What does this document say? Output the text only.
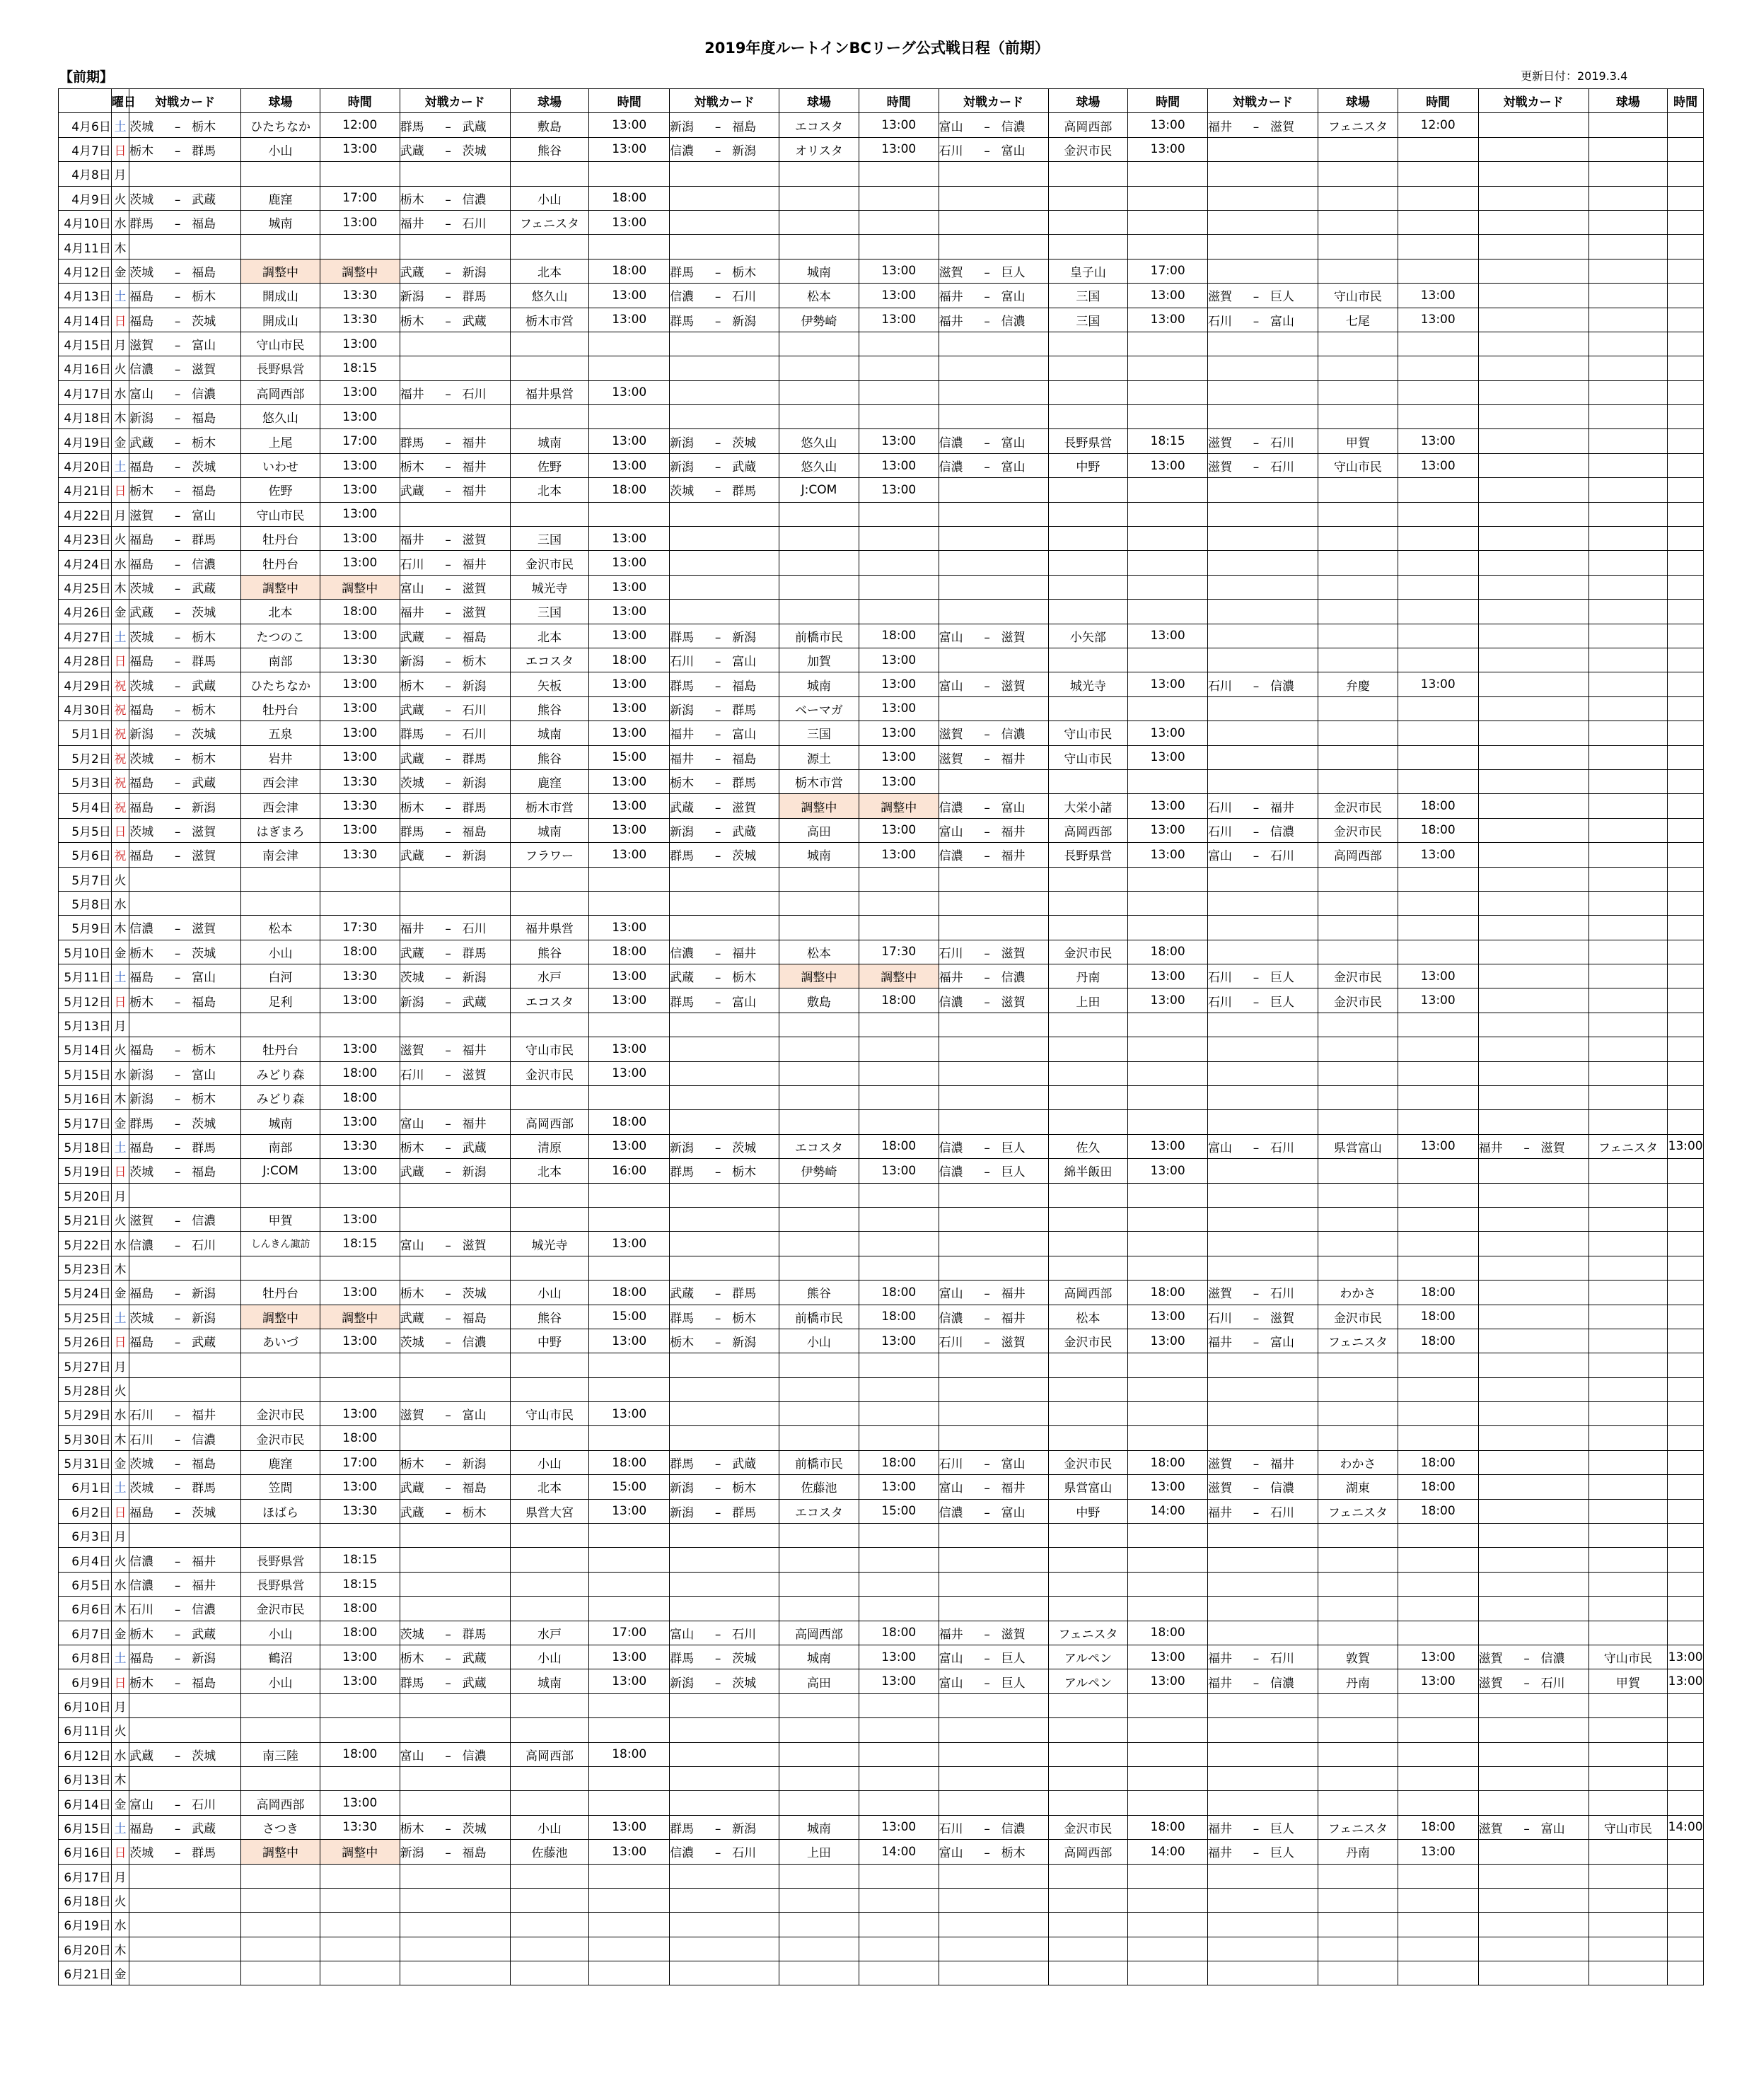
2019年度ルートインBCリーグ公式戦日程（前期）
【前期】	更新日付：2019.3.4
	曜日	対戦カード	球場	時間	対戦カード	球場	時間	対戦カード	球場	時間	対戦カード	球場	時間	対戦カード	球場	時間	対戦カード	球場	時間
4月6日	土	茨城 – 栃木	ひたちなか	12:00	群馬 – 武蔵	敷島	13:00	新潟 – 福島	エコスタ	13:00	富山 – 信濃	高岡西部	13:00	福井 – 滋賀	フェニスタ	12:00			
4月7日	日	栃木 – 群馬	小山	13:00	武蔵 – 茨城	熊谷	13:00	信濃 – 新潟	オリスタ	13:00	石川 – 富山	金沢市民	13:00						
4月8日	月																		
4月9日	火	茨城 – 武蔵	鹿窪	17:00	栃木 – 信濃	小山	18:00												
4月10日	水	群馬 – 福島	城南	13:00	福井 – 石川	フェニスタ	13:00												
4月11日	木																		
4月12日	金	茨城 – 福島	調整中	調整中	武蔵 – 新潟	北本	18:00	群馬 – 栃木	城南	13:00	滋賀 – 巨人	皇子山	17:00						
4月13日	土	福島 – 栃木	開成山	13:30	新潟 – 群馬	悠久山	13:00	信濃 – 石川	松本	13:00	福井 – 富山	三国	13:00	滋賀 – 巨人	守山市民	13:00			
4月14日	日	福島 – 茨城	開成山	13:30	栃木 – 武蔵	栃木市営	13:00	群馬 – 新潟	伊勢崎	13:00	福井 – 信濃	三国	13:00	石川 – 富山	七尾	13:00			
4月15日	月	滋賀 – 富山	守山市民	13:00															
4月16日	火	信濃 – 滋賀	長野県営	18:15															
4月17日	水	富山 – 信濃	高岡西部	13:00	福井 – 石川	福井県営	13:00												
4月18日	木	新潟 – 福島	悠久山	13:00															
4月19日	金	武蔵 – 栃木	上尾	17:00	群馬 – 福井	城南	13:00	新潟 – 茨城	悠久山	13:00	信濃 – 富山	長野県営	18:15	滋賀 – 石川	甲賀	13:00			
4月20日	土	福島 – 茨城	いわせ	13:00	栃木 – 福井	佐野	13:00	新潟 – 武蔵	悠久山	13:00	信濃 – 富山	中野	13:00	滋賀 – 石川	守山市民	13:00			
4月21日	日	栃木 – 福島	佐野	13:00	武蔵 – 福井	北本	18:00	茨城 – 群馬	J:COM	13:00									
4月22日	月	滋賀 – 富山	守山市民	13:00															
4月23日	火	福島 – 群馬	牡丹台	13:00	福井 – 滋賀	三国	13:00												
4月24日	水	福島 – 信濃	牡丹台	13:00	石川 – 福井	金沢市民	13:00												
4月25日	木	茨城 – 武蔵	調整中	調整中	富山 – 滋賀	城光寺	13:00												
4月26日	金	武蔵 – 茨城	北本	18:00	福井 – 滋賀	三国	13:00												
4月27日	土	茨城 – 栃木	たつのこ	13:00	武蔵 – 福島	北本	13:00	群馬 – 新潟	前橋市民	18:00	富山 – 滋賀	小矢部	13:00						
4月28日	日	福島 – 群馬	南部	13:30	新潟 – 栃木	エコスタ	18:00	石川 – 富山	加賀	13:00									
4月29日	祝	茨城 – 武蔵	ひたちなか	13:00	栃木 – 新潟	矢板	13:00	群馬 – 福島	城南	13:00	富山 – 滋賀	城光寺	13:00	石川 – 信濃	弁慶	13:00			
4月30日	祝	福島 – 栃木	牡丹台	13:00	武蔵 – 石川	熊谷	13:00	新潟 – 群馬	ベーマガ	13:00									
5月1日	祝	新潟 – 茨城	五泉	13:00	群馬 – 石川	城南	13:00	福井 – 富山	三国	13:00	滋賀 – 信濃	守山市民	13:00						
5月2日	祝	茨城 – 栃木	岩井	13:00	武蔵 – 群馬	熊谷	15:00	福井 – 福島	源土	13:00	滋賀 – 福井	守山市民	13:00						
5月3日	祝	福島 – 武蔵	西会津	13:30	茨城 – 新潟	鹿窪	13:00	栃木 – 群馬	栃木市営	13:00									
5月4日	祝	福島 – 新潟	西会津	13:30	栃木 – 群馬	栃木市営	13:00	武蔵 – 滋賀	調整中	調整中	信濃 – 富山	大栄小諸	13:00	石川 – 福井	金沢市民	18:00			
5月5日	日	茨城 – 滋賀	はぎまろ	13:00	群馬 – 福島	城南	13:00	新潟 – 武蔵	高田	13:00	富山 – 福井	高岡西部	13:00	石川 – 信濃	金沢市民	18:00			
5月6日	祝	福島 – 滋賀	南会津	13:30	武蔵 – 新潟	フラワー	13:00	群馬 – 茨城	城南	13:00	信濃 – 福井	長野県営	13:00	富山 – 石川	高岡西部	13:00			
5月7日	火																		
5月8日	水																		
5月9日	木	信濃 – 滋賀	松本	17:30	福井 – 石川	福井県営	13:00												
5月10日	金	栃木 – 茨城	小山	18:00	武蔵 – 群馬	熊谷	18:00	信濃 – 福井	松本	17:30	石川 – 滋賀	金沢市民	18:00						
5月11日	土	福島 – 富山	白河	13:30	茨城 – 新潟	水戸	13:00	武蔵 – 栃木	調整中	調整中	福井 – 信濃	丹南	13:00	石川 – 巨人	金沢市民	13:00			
5月12日	日	栃木 – 福島	足利	13:00	新潟 – 武蔵	エコスタ	13:00	群馬 – 富山	敷島	18:00	信濃 – 滋賀	上田	13:00	石川 – 巨人	金沢市民	13:00			
5月13日	月																		
5月14日	火	福島 – 栃木	牡丹台	13:00	滋賀 – 福井	守山市民	13:00												
5月15日	水	新潟 – 富山	みどり森	18:00	石川 – 滋賀	金沢市民	13:00												
5月16日	木	新潟 – 栃木	みどり森	18:00															
5月17日	金	群馬 – 茨城	城南	13:00	富山 – 福井	高岡西部	18:00												
5月18日	土	福島 – 群馬	南部	13:30	栃木 – 武蔵	清原	13:00	新潟 – 茨城	エコスタ	18:00	信濃 – 巨人	佐久	13:00	富山 – 石川	県営富山	13:00	福井 – 滋賀	フェニスタ	13:00
5月19日	日	茨城 – 福島	J:COM	13:00	武蔵 – 新潟	北本	16:00	群馬 – 栃木	伊勢崎	13:00	信濃 – 巨人	綿半飯田	13:00						
5月20日	月																		
5月21日	火	滋賀 – 信濃	甲賀	13:00															
5月22日	水	信濃 – 石川	しんきん諏訪	18:15	富山 – 滋賀	城光寺	13:00												
5月23日	木																		
5月24日	金	福島 – 新潟	牡丹台	13:00	栃木 – 茨城	小山	18:00	武蔵 – 群馬	熊谷	18:00	富山 – 福井	高岡西部	18:00	滋賀 – 石川	わかさ	18:00			
5月25日	土	茨城 – 新潟	調整中	調整中	武蔵 – 福島	熊谷	15:00	群馬 – 栃木	前橋市民	18:00	信濃 – 福井	松本	13:00	石川 – 滋賀	金沢市民	18:00			
5月26日	日	福島 – 武蔵	あいづ	13:00	茨城 – 信濃	中野	13:00	栃木 – 新潟	小山	13:00	石川 – 滋賀	金沢市民	13:00	福井 – 富山	フェニスタ	18:00			
5月27日	月																		
5月28日	火																		
5月29日	水	石川 – 福井	金沢市民	13:00	滋賀 – 富山	守山市民	13:00												
5月30日	木	石川 – 信濃	金沢市民	18:00															
5月31日	金	茨城 – 福島	鹿窪	17:00	栃木 – 新潟	小山	18:00	群馬 – 武蔵	前橋市民	18:00	石川 – 富山	金沢市民	18:00	滋賀 – 福井	わかさ	18:00			
6月1日	土	茨城 – 群馬	笠間	13:00	武蔵 – 福島	北本	15:00	新潟 – 栃木	佐藤池	13:00	富山 – 福井	県営富山	13:00	滋賀 – 信濃	湖東	18:00			
6月2日	日	福島 – 茨城	ほばら	13:30	武蔵 – 栃木	県営大宮	13:00	新潟 – 群馬	エコスタ	15:00	信濃 – 富山	中野	14:00	福井 – 石川	フェニスタ	18:00			
6月3日	月																		
6月4日	火	信濃 – 福井	長野県営	18:15															
6月5日	水	信濃 – 福井	長野県営	18:15															
6月6日	木	石川 – 信濃	金沢市民	18:00															
6月7日	金	栃木 – 武蔵	小山	18:00	茨城 – 群馬	水戸	17:00	富山 – 石川	高岡西部	18:00	福井 – 滋賀	フェニスタ	18:00						
6月8日	土	福島 – 新潟	鶴沼	13:00	栃木 – 武蔵	小山	13:00	群馬 – 茨城	城南	13:00	富山 – 巨人	アルペン	13:00	福井 – 石川	敦賀	13:00	滋賀 – 信濃	守山市民	13:00
6月9日	日	栃木 – 福島	小山	13:00	群馬 – 武蔵	城南	13:00	新潟 – 茨城	高田	13:00	富山 – 巨人	アルペン	13:00	福井 – 信濃	丹南	13:00	滋賀 – 石川	甲賀	13:00
6月10日	月																		
6月11日	火																		
6月12日	水	武蔵 – 茨城	南三陸	18:00	富山 – 信濃	高岡西部	18:00												
6月13日	木																		
6月14日	金	富山 – 石川	高岡西部	13:00															
6月15日	土	福島 – 武蔵	さつき	13:30	栃木 – 茨城	小山	13:00	群馬 – 新潟	城南	13:00	石川 – 信濃	金沢市民	18:00	福井 – 巨人	フェニスタ	18:00	滋賀 – 富山	守山市民	14:00
6月16日	日	茨城 – 群馬	調整中	調整中	新潟 – 福島	佐藤池	13:00	信濃 – 石川	上田	14:00	富山 – 栃木	高岡西部	14:00	福井 – 巨人	丹南	13:00			
6月17日	月																		
6月18日	火																		
6月19日	水																		
6月20日	木																		
6月21日	金																		
